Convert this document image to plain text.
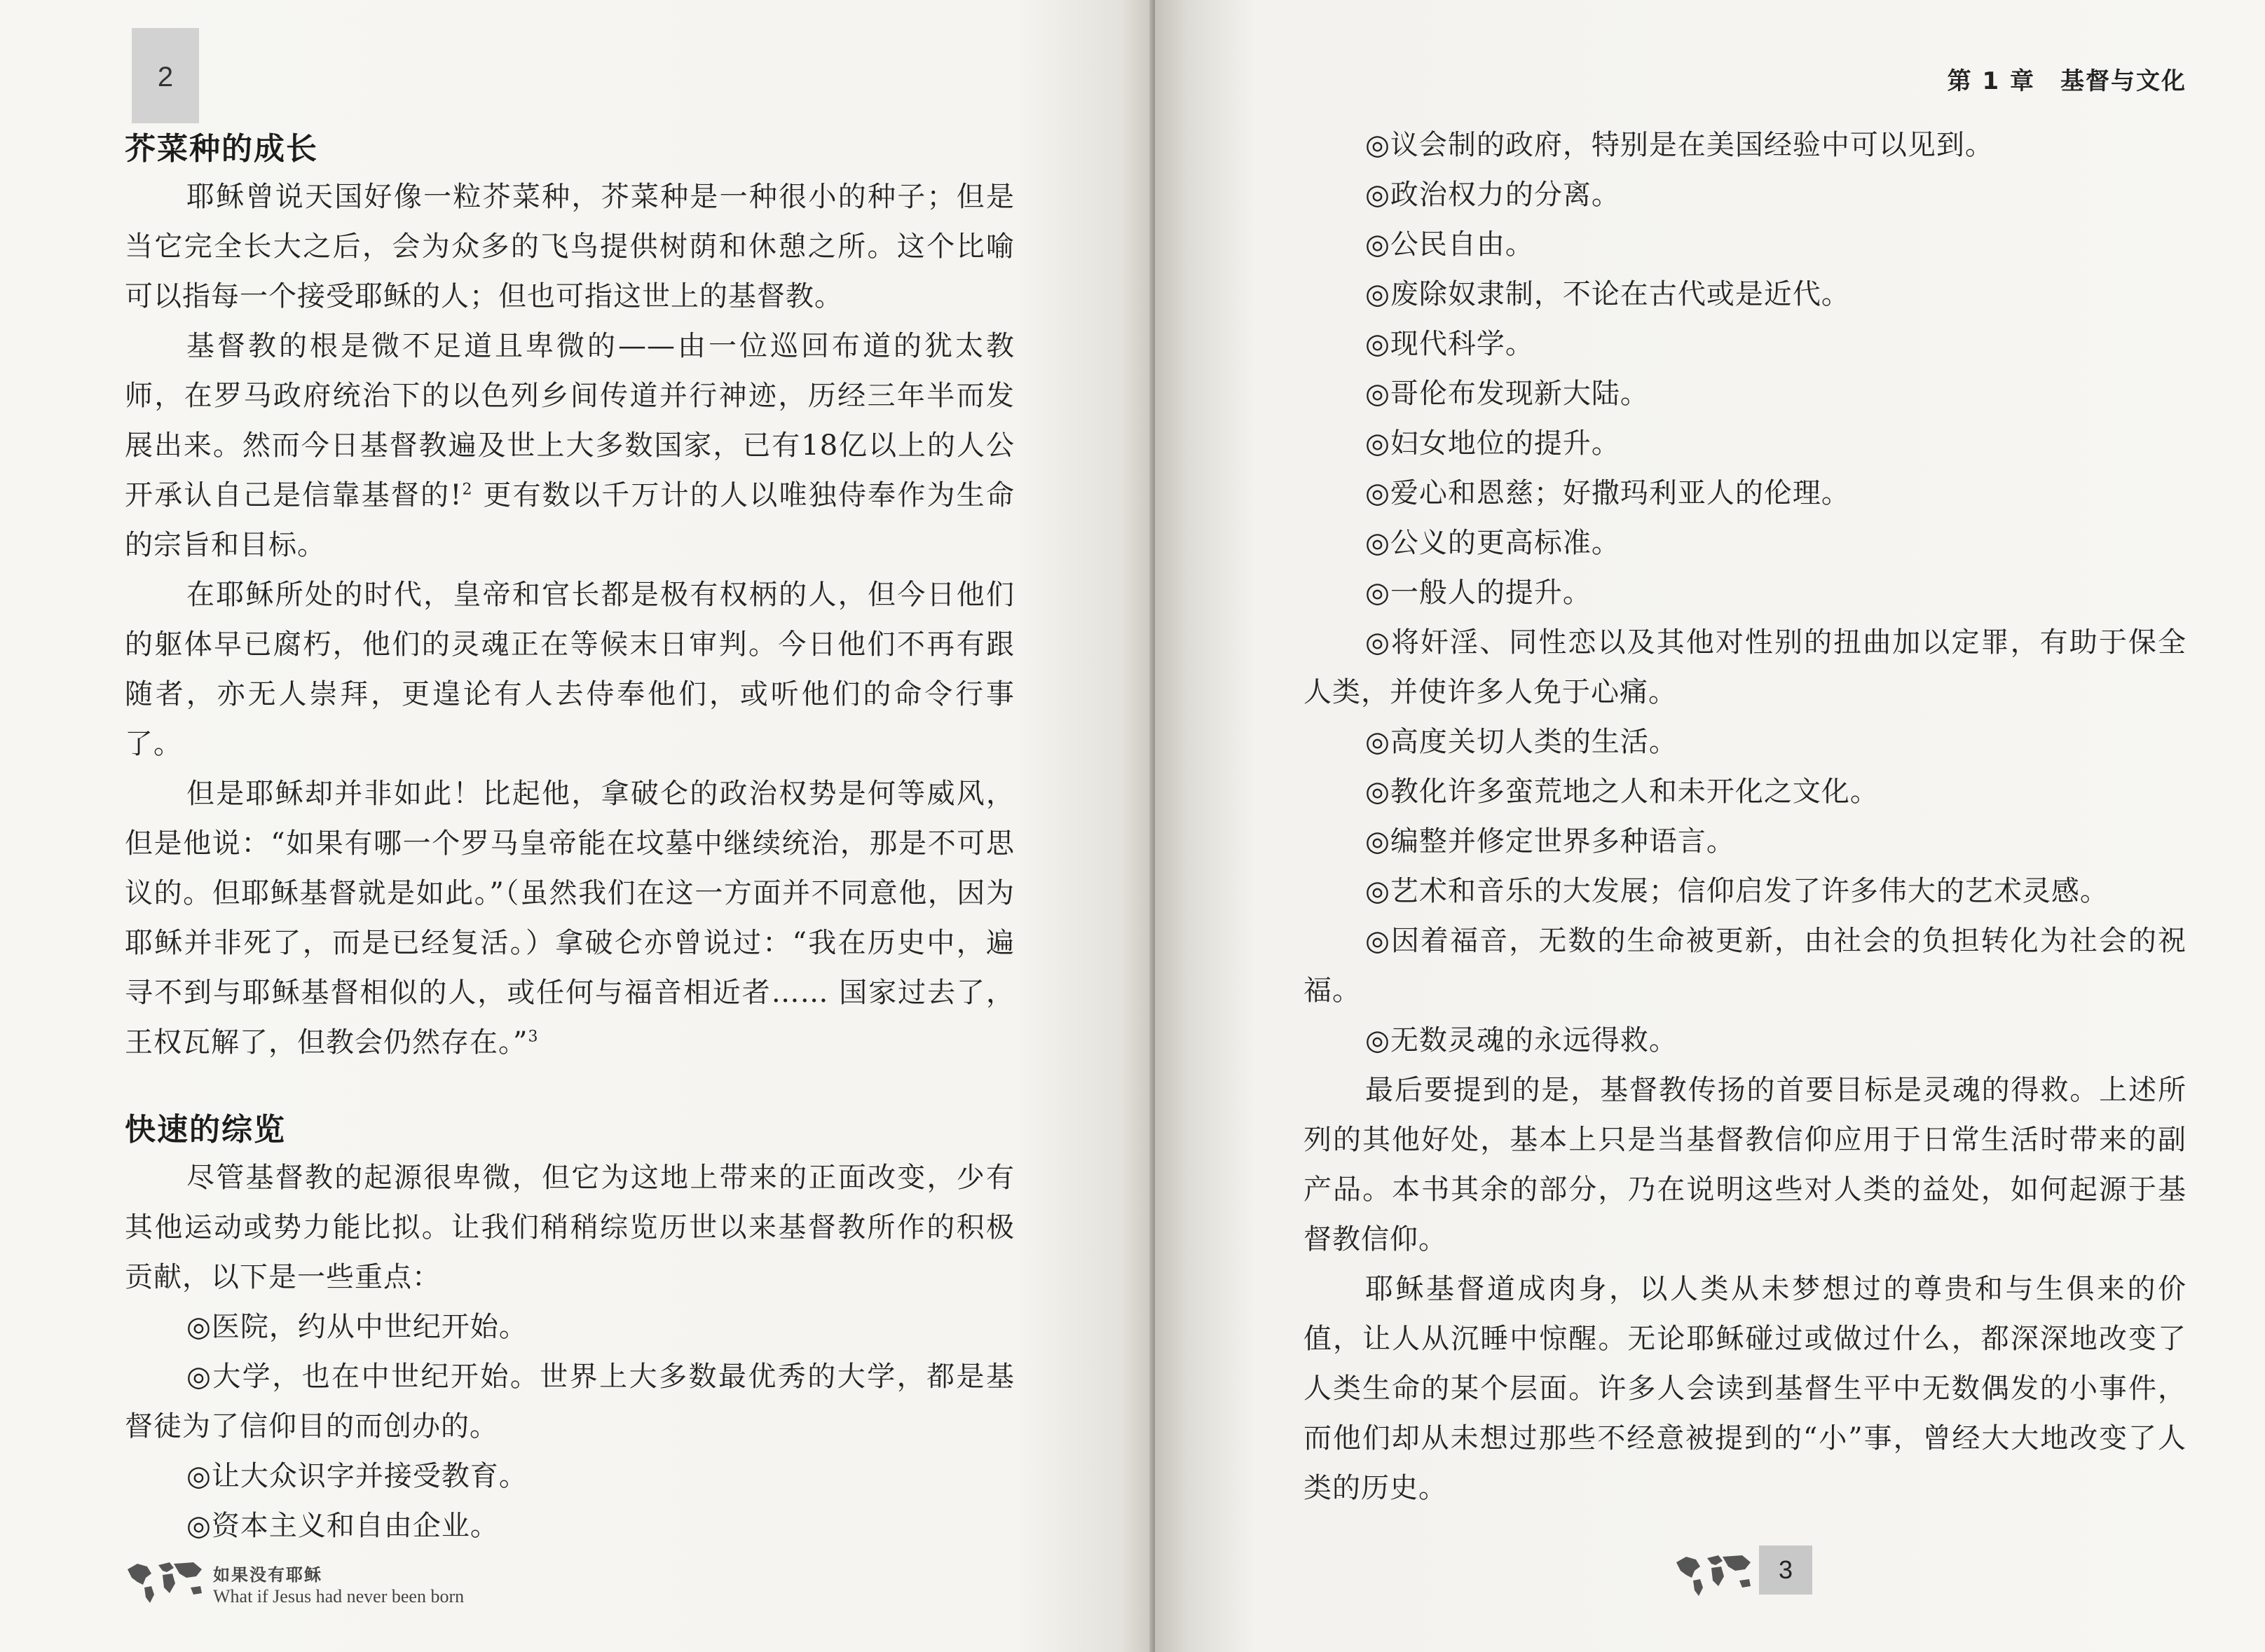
2
芥菜种的成长

耶稣曾说天国好像一粒芥菜种，芥菜种是一种很小的种子；但是当它完全长大之后，会为众多的飞鸟提供树荫和休憩之所。这个比喻可以指每一个接受耶稣的人；但也可指这世上的基督教。

基督教的根是微不足道且卑微的——由一位巡回布道的犹太教师，在罗马政府统治下的以色列乡间传道并行神迹，历经三年半而发展出来。然而今日基督教遍及世上大多数国家，已有18亿以上的人公开承认自己是信靠基督的!$^2$ 更有数以千万计的人以唯独侍奉作为生命的宗旨和目标。

在耶稣所处的时代，皇帝和官长都是极有权柄的人，但今日他们的躯体早已腐朽，他们的灵魂正在等候末日审判。今日他们不再有跟随者，亦无人崇拜，更遑论有人去侍奉他们，或听他们的命令行事了。

但是耶稣却并非如此！比起他，拿破仑的政治权势是何等威风，但是他说：“如果有哪一个罗马皇帝能在坟墓中继续统治，那是不可思议的。但耶稣基督就是如此。”（虽然我们在这一方面并不同意他，因为耶稣并非死了，而是已经复活。）拿破仑亦曾说过：“我在历史中，遍寻不到与耶稣基督相似的人，或任何与福音相近者…… 国家过去了，王权瓦解了，但教会仍然存在。”$^3$

快速的综览

尽管基督教的起源很卑微，但它为这地上带来的正面改变，少有其他运动或势力能比拟。让我们稍稍综览历世以来基督教所作的积极贡献，以下是一些重点：

◎医院，约从中世纪开始。

◎大学，也在中世纪开始。世界上大多数最优秀的大学，都是基督徒为了信仰目的而创办的。

◎让大众识字并接受教育。

◎资本主义和自由企业。

如果没有耶稣
What if Jesus had never been born
第 1 章　基督与文化

◎议会制的政府，特别是在美国经验中可以见到。

◎政治权力的分离。

◎公民自由。

◎废除奴隶制，不论在古代或是近代。

◎现代科学。

◎哥伦布发现新大陆。

◎妇女地位的提升。

◎爱心和恩慈；好撒玛利亚人的伦理。

◎公义的更高标准。

◎一般人的提升。

◎将奸淫、同性恋以及其他对性别的扭曲加以定罪，有助于保全人类，并使许多人免于心痛。

◎高度关切人类的生活。

◎教化许多蛮荒地之人和未开化之文化。

◎编整并修定世界多种语言。

◎艺术和音乐的大发展；信仰启发了许多伟大的艺术灵感。

◎因着福音，无数的生命被更新，由社会的负担转化为社会的祝福。

◎无数灵魂的永远得救。

最后要提到的是，基督教传扬的首要目标是灵魂的得救。上述所列的其他好处，基本上只是当基督教信仰应用于日常生活时带来的副产品。本书其余的部分，乃在说明这些对人类的益处，如何起源于基督教信仰。

耶稣基督道成肉身，以人类从未梦想过的尊贵和与生俱来的价值，让人从沉睡中惊醒。无论耶稣碰过或做过什么，都深深地改变了人类生命的某个层面。许多人会读到基督生平中无数偶发的小事件，而他们却从未想过那些不经意被提到的“小”事，曾经大大地改变了人类的历史。

3
